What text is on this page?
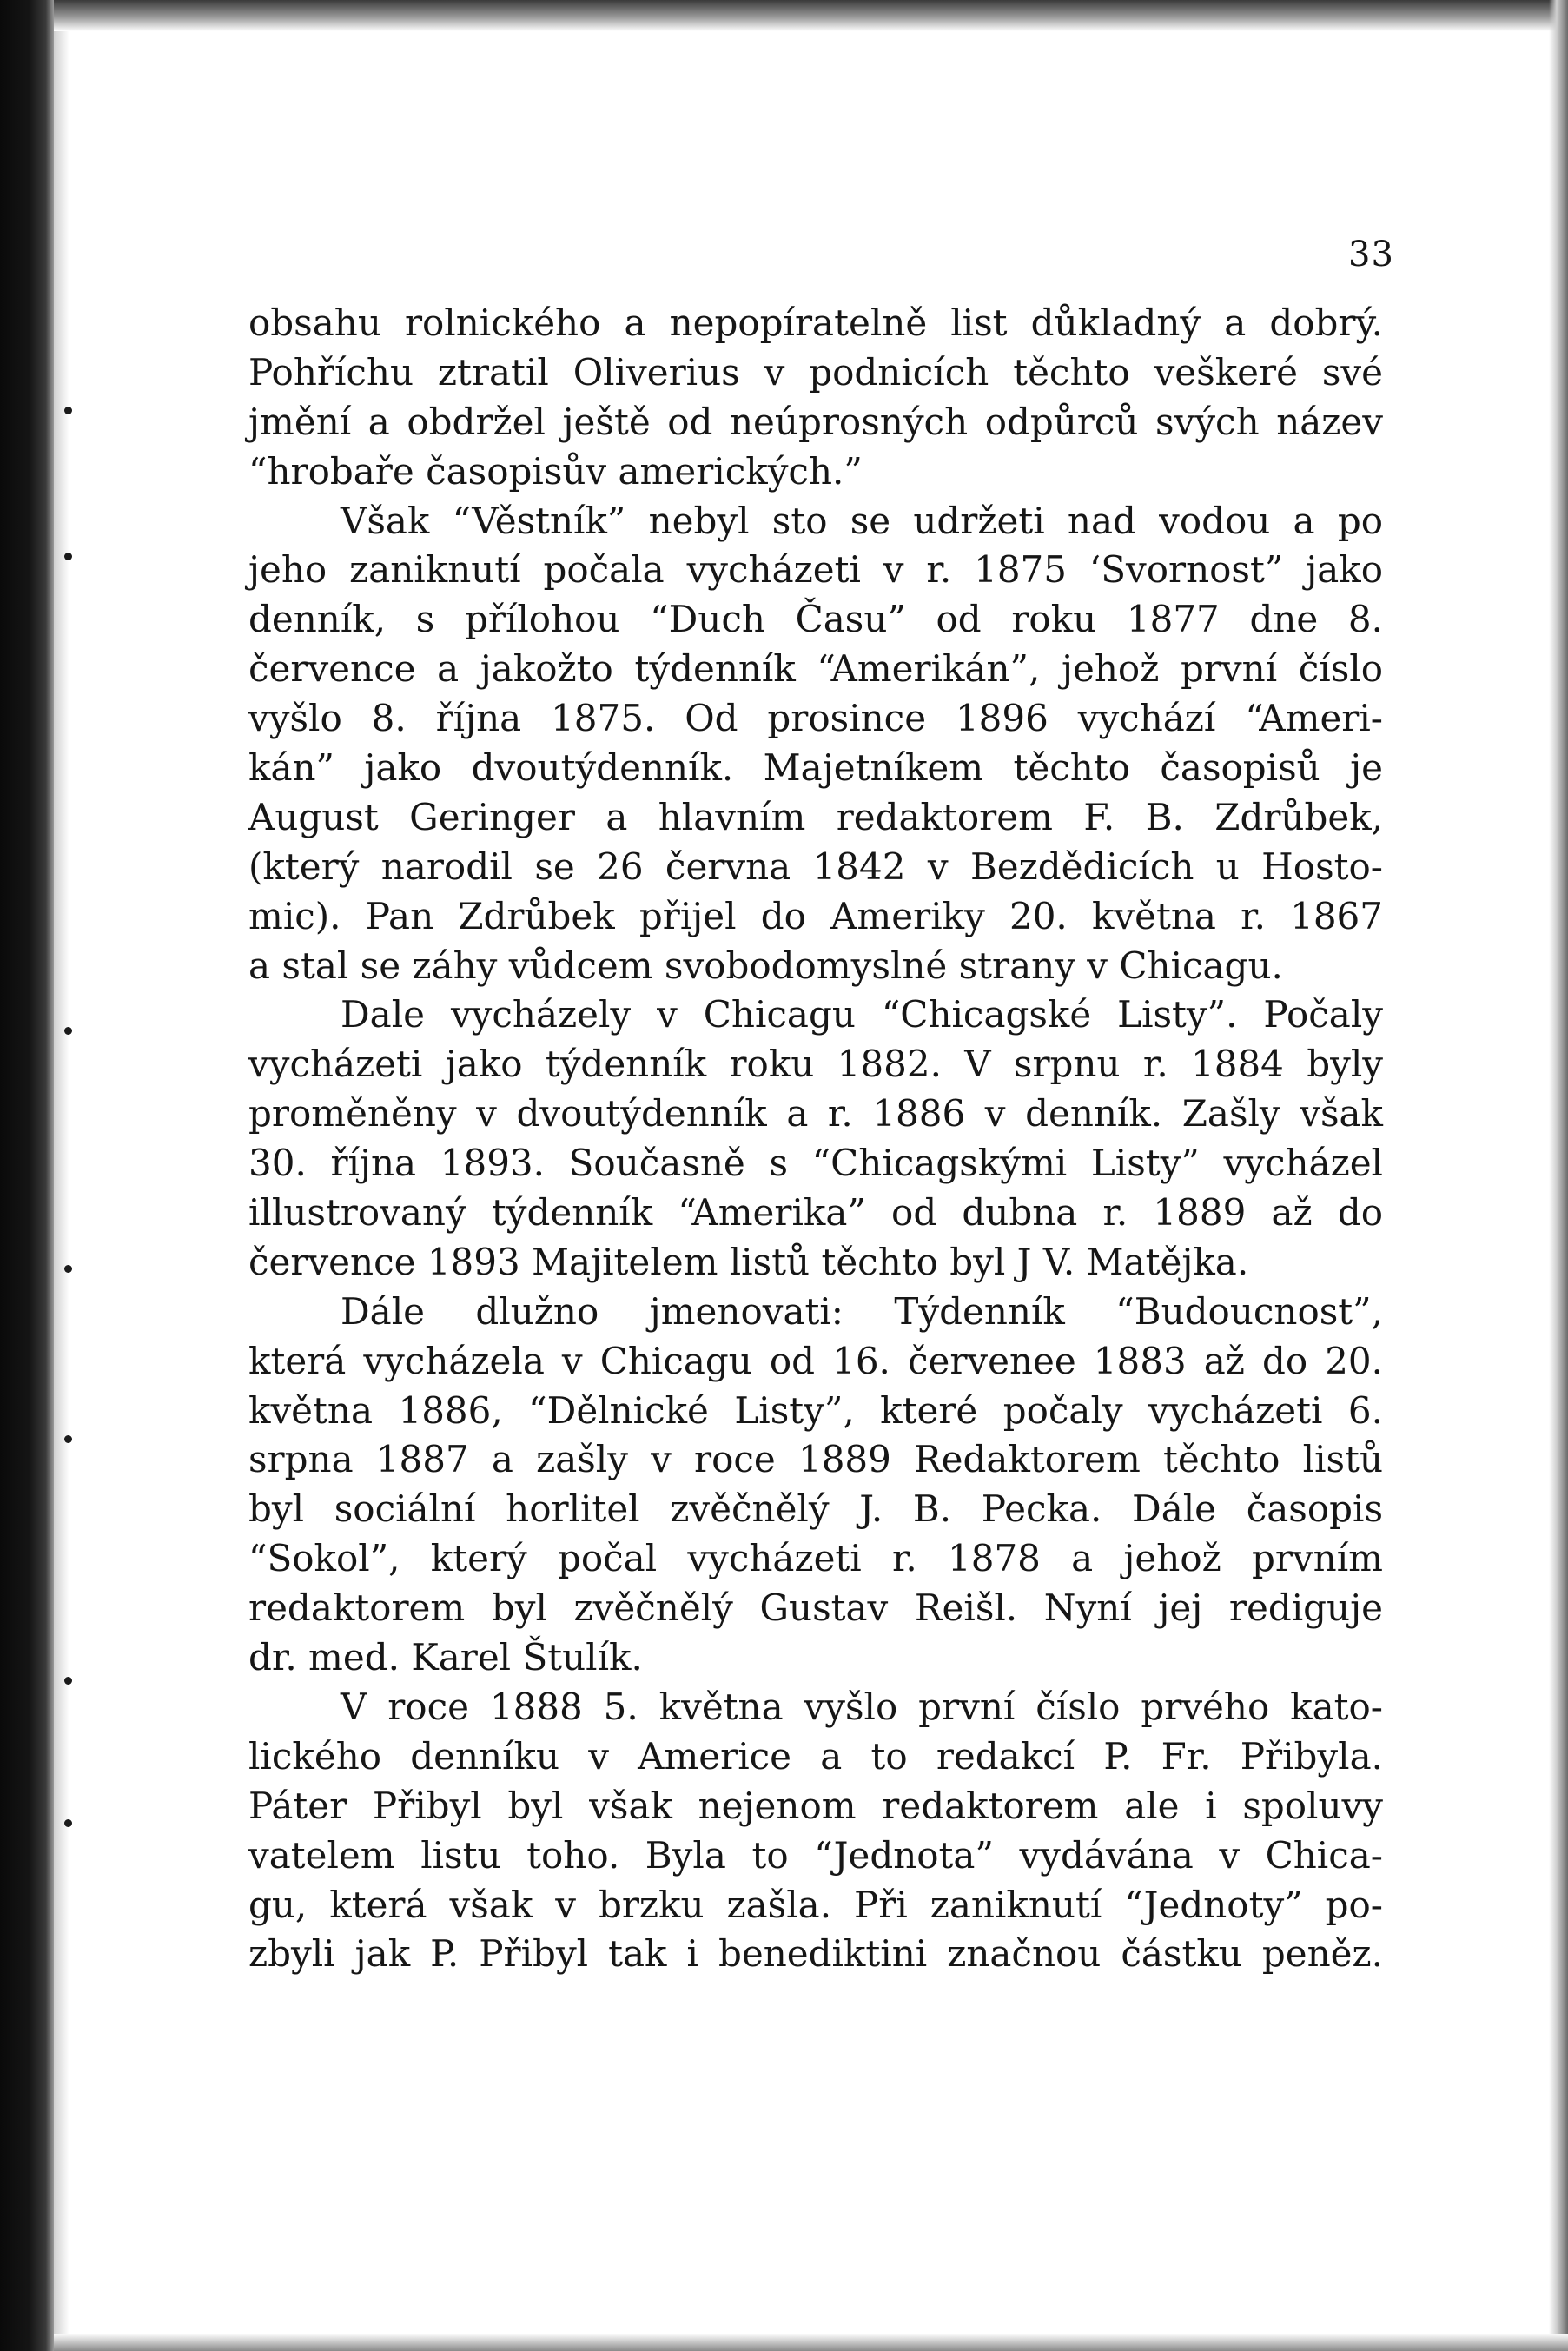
33
obsahu rolnického a nepopíratelně list důkladný a dobrý.
Pohříchu ztratil Oliverius v podnicích těchto veškeré své
jmění a obdržel ještě od neúprosných odpůrců svých název
“hrobaře časopisův amerických.”
Však “Věstník” nebyl sto se udržeti nad vodou a po
jeho zaniknutí počala vycházeti v r. 1875 ‘Svornost” jako
denník, s přílohou “Duch Času” od roku 1877 dne 8.
července a jakožto týdenník “Amerikán”, jehož první číslo
vyšlo 8. října 1875. Od prosince 1896 vychází “Ameri-
kán” jako dvoutýdenník. Majetníkem těchto časopisů je
August Geringer a hlavním redaktorem F. B. Zdrůbek,
(který narodil se 26 června 1842 v Bezdědicích u Hosto-
mic). Pan Zdrůbek přijel do Ameriky 20. května r. 1867
a stal se záhy vůdcem svobodomyslné strany v Chicagu.
Dale vycházely v Chicagu “Chicagské Listy”. Počaly
vycházeti jako týdenník roku 1882. V srpnu r. 1884 byly
proměněny v dvoutýdenník a r. 1886 v denník. Zašly však
30. října 1893. Současně s “Chicagskými Listy” vycházel
illustrovaný týdenník “Amerika” od dubna r. 1889 až do
července 1893 Majitelem listů těchto byl J V. Matějka.
Dále dlužno jmenovati: Týdenník “Budoucnost”,
která vycházela v Chicagu od 16. červenee 1883 až do 20.
května 1886, “Dělnické Listy”, které počaly vycházeti 6.
srpna 1887 a zašly v roce 1889 Redaktorem těchto listů
byl sociální horlitel zvěčnělý J. B. Pecka. Dále časopis
“Sokol”, který počal vycházeti r. 1878 a jehož prvním
redaktorem byl zvěčnělý Gustav Reišl. Nyní jej rediguje
dr. med. Karel Štulík.
V roce 1888 5. května vyšlo první číslo prvého kato-
lického denníku v Americe a to redakcí P. Fr. Přibyla.
Páter Přibyl byl však nejenom redaktorem ale i spoluvy
vatelem listu toho. Byla to “Jednota” vydávána v Chica-
gu, která však v brzku zašla. Při zaniknutí “Jednoty” po-
zbyli jak P. Přibyl tak i benediktini značnou částku peněz.
